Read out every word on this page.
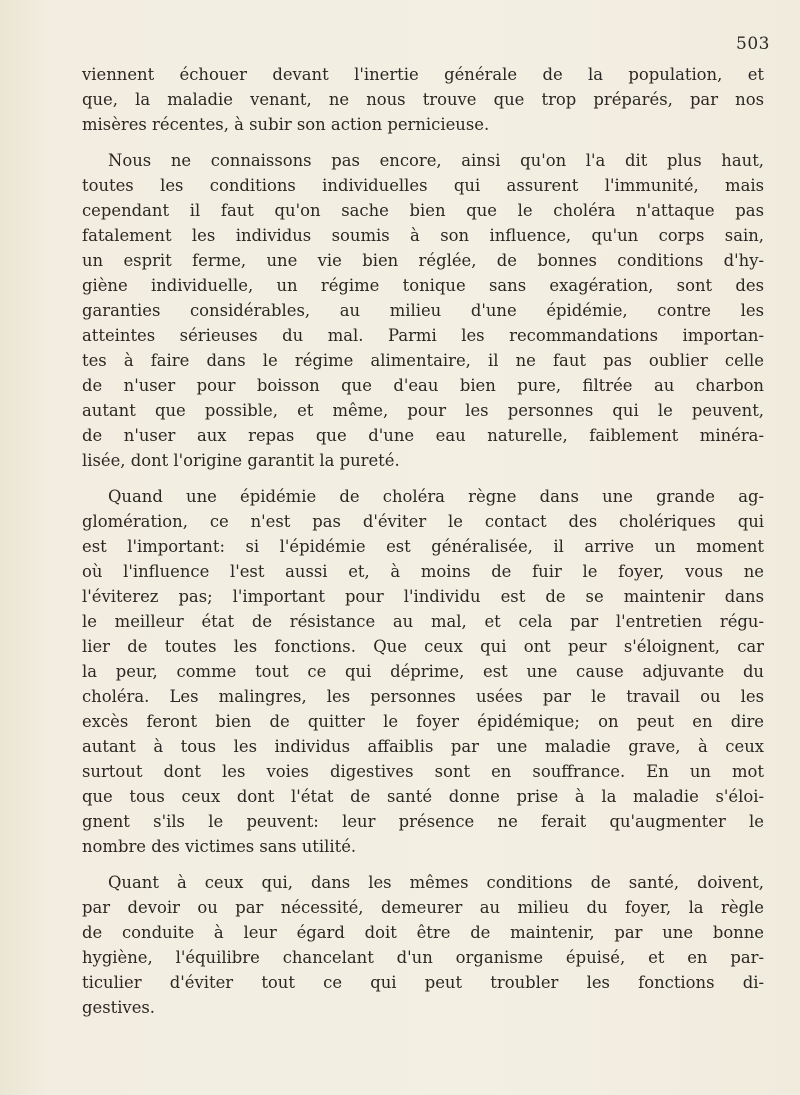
503
viennent échouer devant l'inertie générale de la population, et
que, la maladie venant, ne nous trouve que trop préparés, par nos
misères récentes, à subir son action pernicieuse.
Nous ne connaissons pas encore, ainsi qu'on l'a dit plus haut,
toutes les conditions individuelles qui assurent l'immunité, mais
cependant il faut qu'on sache bien que le choléra n'attaque pas
fatalement les individus soumis à son influence, qu'un corps sain,
un esprit ferme, une vie bien réglée, de bonnes conditions d'hy-
giène individuelle, un régime tonique sans exagération, sont des
garanties considérables, au milieu d'une épidémie, contre les
atteintes sérieuses du mal. Parmi les recommandations importan-
tes à faire dans le régime alimentaire, il ne faut pas oublier celle
de n'user pour boisson que d'eau bien pure, filtrée au charbon
autant que possible, et même, pour les personnes qui le peuvent,
de n'user aux repas que d'une eau naturelle, faiblement minéra-
lisée, dont l'origine garantit la pureté.
Quand une épidémie de choléra règne dans une grande ag-
glomération, ce n'est pas d'éviter le contact des cholériques qui
est l'important: si l'épidémie est généralisée, il arrive un moment
où l'influence l'est aussi et, à moins de fuir le foyer, vous ne
l'éviterez pas; l'important pour l'individu est de se maintenir dans
le meilleur état de résistance au mal, et cela par l'entretien régu-
lier de toutes les fonctions. Que ceux qui ont peur s'éloignent, car
la peur, comme tout ce qui déprime, est une cause adjuvante du
choléra. Les malingres, les personnes usées par le travail ou les
excès feront bien de quitter le foyer épidémique; on peut en dire
autant à tous les individus affaiblis par une maladie grave, à ceux
surtout dont les voies digestives sont en souffrance. En un mot
que tous ceux dont l'état de santé donne prise à la maladie s'éloi-
gnent s'ils le peuvent: leur présence ne ferait qu'augmenter le
nombre des victimes sans utilité.
Quant à ceux qui, dans les mêmes conditions de santé, doivent,
par devoir ou par nécessité, demeurer au milieu du foyer, la règle
de conduite à leur égard doit être de maintenir, par une bonne
hygiène, l'équilibre chancelant d'un organisme épuisé, et en par-
ticulier d'éviter tout ce qui peut troubler les fonctions di-
gestives.
